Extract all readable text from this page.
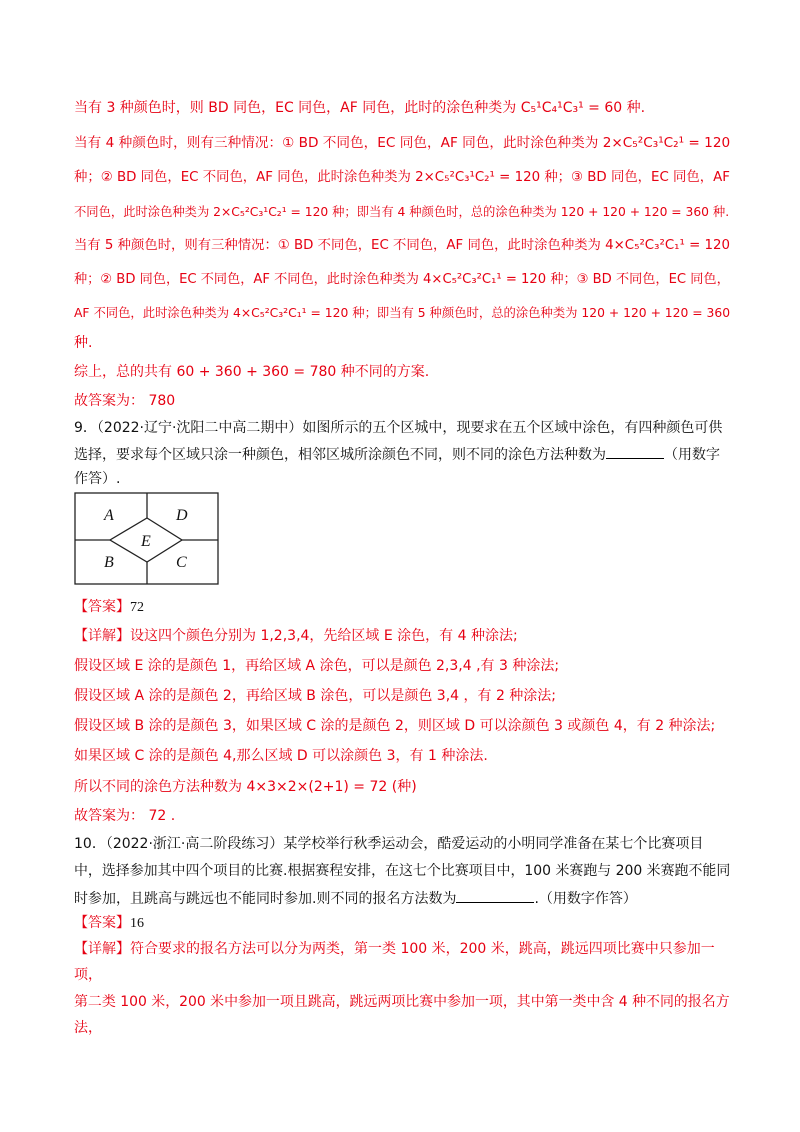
当有 3 种颜色时，则 BD 同色，EC 同色，AF 同色，此时的涂色种类为 C₅¹C₄¹C₃¹ = 60 种.
当有 4 种颜色时，则有三种情况：① BD 不同色，EC 同色，AF 同色，此时涂色种类为 2×C₅²C₃¹C₂¹ = 120
种；② BD 同色，EC 不同色，AF 同色，此时涂色种类为 2×C₅²C₃¹C₂¹ = 120 种；③ BD 同色，EC 同色，AF
不同色，此时涂色种类为 2×C₅²C₃¹C₂¹ = 120 种；即当有 4 种颜色时，总的涂色种类为 120 + 120 + 120 = 360 种.
当有 5 种颜色时，则有三种情况：① BD 不同色，EC 不同色，AF 同色，此时涂色种类为 4×C₅²C₃²C₁¹ = 120
种；② BD 同色，EC 不同色，AF 不同色，此时涂色种类为 4×C₅²C₃²C₁¹ = 120 种；③ BD 不同色，EC 同色，
AF 不同色，此时涂色种类为 4×C₅²C₃²C₁¹ = 120 种；即当有 5 种颜色时，总的涂色种类为 120 + 120 + 120 = 360
种.
综上，总的共有 60 + 360 + 360 = 780 种不同的方案.
故答案为： 780
9．（2022·辽宁·沈阳二中高二期中）如图所示的五个区城中，现要求在五个区域中涂色，有四种颜色可供
选择，要求每个区域只涂一种颜色，相邻区城所涂颜色不同，则不同的涂色方法种数为	（用数字
作答）.
A	D
E
B	C
【答案】72
【详解】设这四个颜色分别为 1,2,3,4，先给区域 E 涂色，有 4 种涂法;
假设区域 E 涂的是颜色 1，再给区域 A 涂色，可以是颜色 2,3,4 ,有 3 种涂法;
假设区域 A 涂的是颜色 2，再给区域 B 涂色，可以是颜色 3,4 ，有 2 种涂法;
假设区域 B 涂的是颜色 3，如果区域 C 涂的是颜色 2，则区域 D 可以涂颜色 3 或颜色 4，有 2 种涂法;
如果区域 C 涂的是颜色 4,那么区域 D 可以涂颜色 3，有 1 种涂法.
所以不同的涂色方法种数为 4×3×2×(2+1) = 72 (种)
故答案为： 72 .
10．（2022·浙江·高二阶段练习）某学校举行秋季运动会，酷爱运动的小明同学准备在某七个比赛项目
中，选择参加其中四个项目的比赛.根据赛程安排，在这七个比赛项目中，100 米赛跑与 200 米赛跑不能同
时参加，且跳高与跳远也不能同时参加.则不同的报名方法数为	.（用数字作答）
【答案】16
【详解】符合要求的报名方法可以分为两类，第一类 100 米，200 米，跳高，跳远四项比赛中只参加一
项，
第二类 100 米，200 米中参加一项且跳高，跳远两项比赛中参加一项，其中第一类中含 4 种不同的报名方
法，
